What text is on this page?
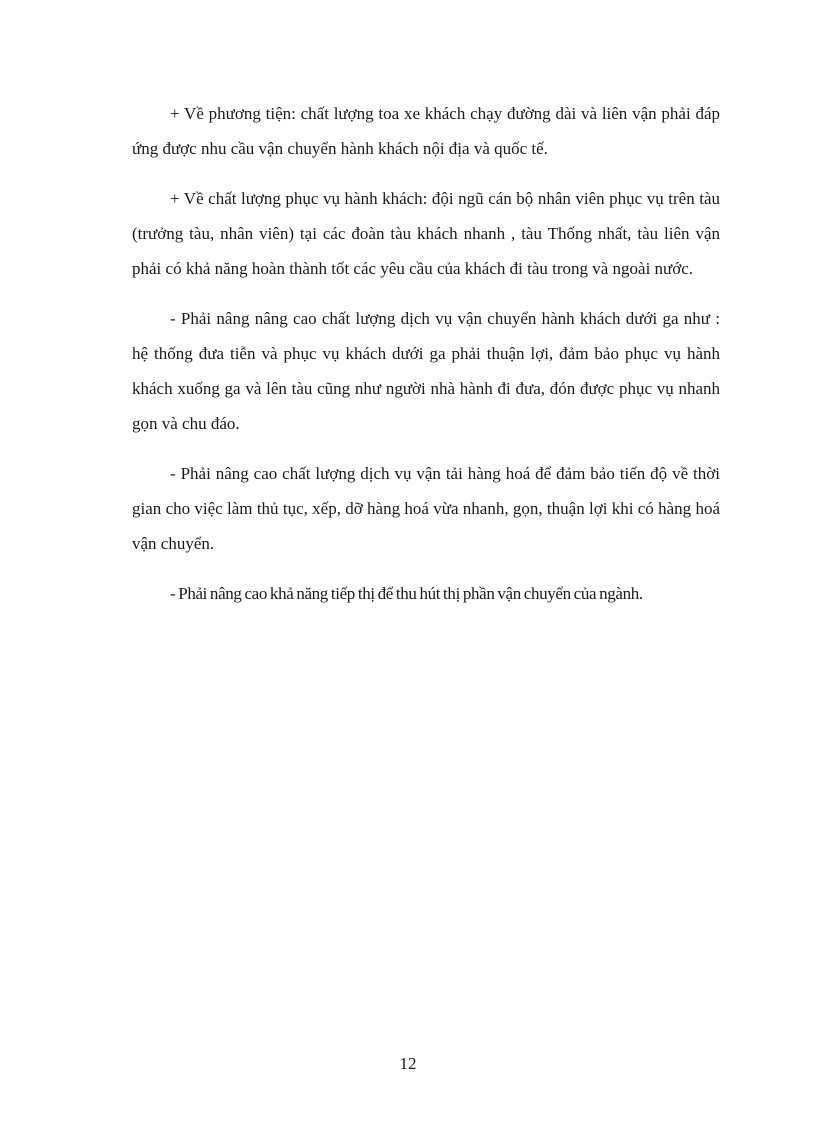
+ Về phương tiện: chất lượng toa xe khách chạy đường dài và liên vận phải đáp ứng được nhu cầu vận chuyển hành khách nội địa và quốc tế.

+ Về chất lượng phục vụ hành khách: đội ngũ cán bộ nhân viên phục vụ trên tàu (trưởng tàu, nhân viên) tại các đoàn tàu khách nhanh , tàu Thống nhất, tàu liên vận phải có khả năng hoàn thành tốt các yêu cầu của khách đi tàu trong và ngoài nước.

- Phải nâng nâng cao chất lượng dịch vụ vận chuyển hành khách dưới ga như : hệ thống đưa tiễn và phục vụ khách dưới ga phải thuận lợi, đảm bảo phục vụ hành khách xuống ga và lên tàu cũng như người nhà hành đi đưa, đón được phục vụ nhanh gọn và chu đáo.

- Phải nâng cao chất lượng dịch vụ vận tải hàng hoá để đảm bảo tiến độ về thời gian cho việc làm thủ tục, xếp, dỡ hàng hoá vừa nhanh, gọn, thuận lợi khi có hàng hoá vận chuyển.

- Phải nâng cao khả năng tiếp thị để thu hút thị phần vận chuyển của ngành.

12
